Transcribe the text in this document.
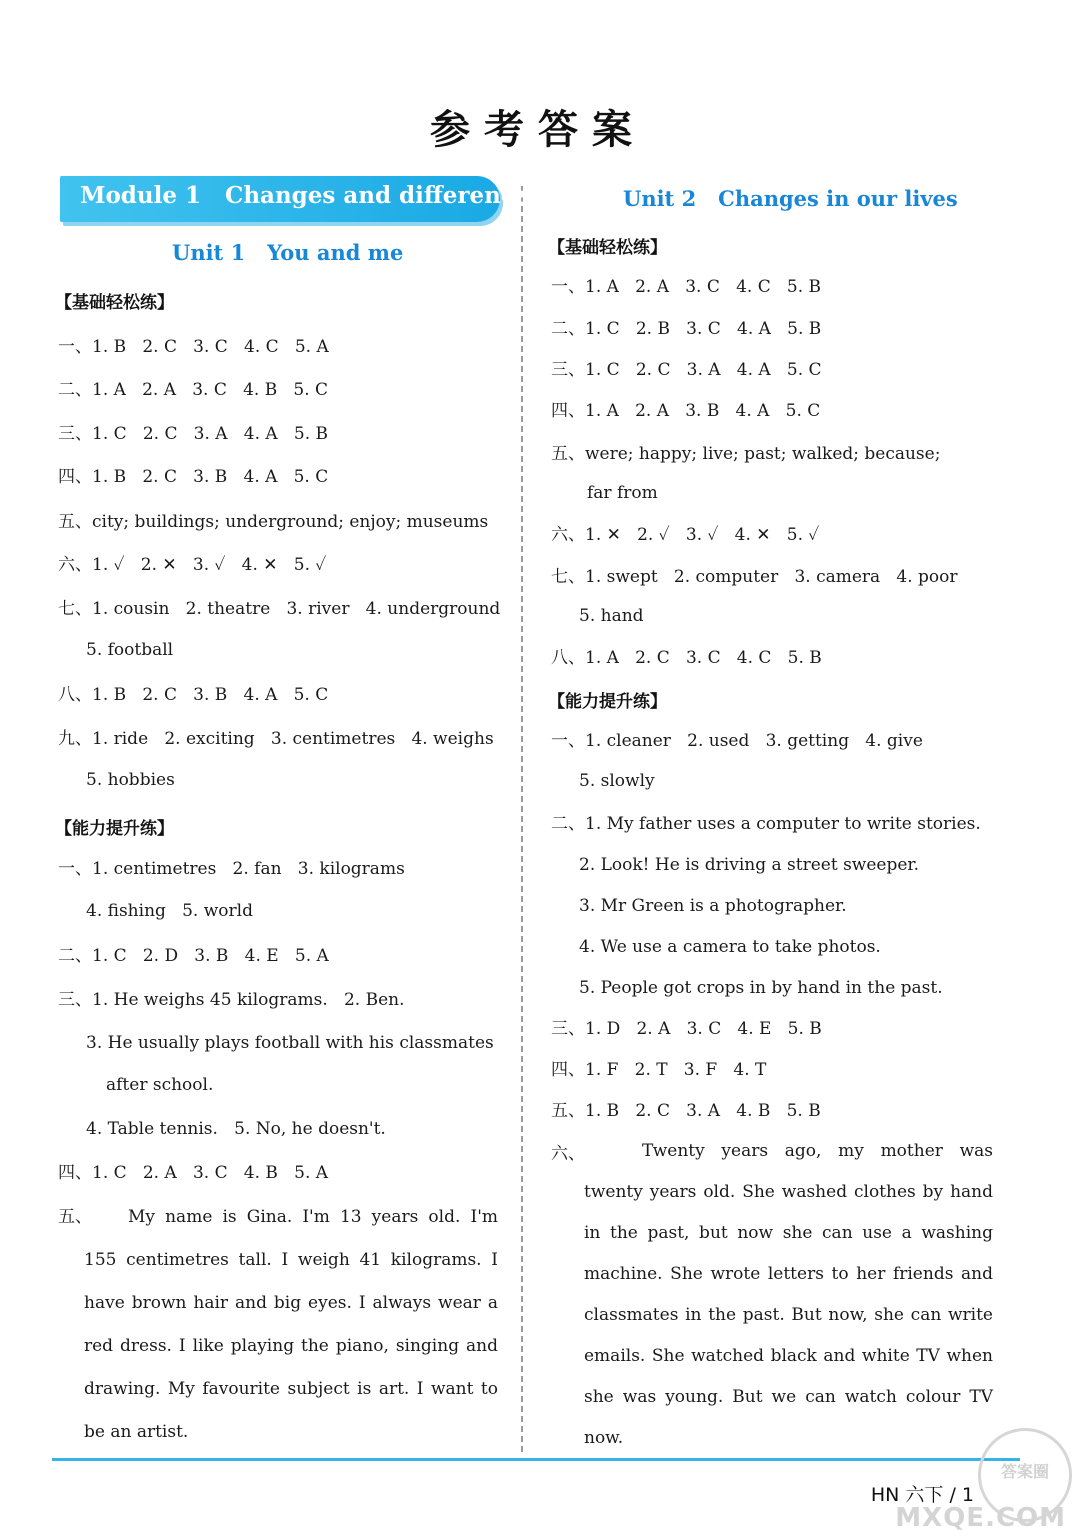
参考答案
Module 1   Changes and differences
Unit 1   You and me
【基础轻松练】
一、1. B   2. C   3. C   4. C   5. A
二、1. A   2. A   3. C   4. B   5. C
三、1. C   2. C   3. A   4. A   5. B
四、1. B   2. C   3. B   4. A   5. C
五、city; buildings; underground; enjoy; museums
六、1. ✓   2. ✕   3. ✓   4. ✕   5. ✓
七、1. cousin   2. theatre   3. river   4. underground
5. football
八、1. B   2. C   3. B   4. A   5. C
九、1. ride   2. exciting   3. centimetres   4. weighs
5. hobbies
【能力提升练】
一、1. centimetres   2. fan   3. kilograms
4. fishing   5. world
二、1. C   2. D   3. B   4. E   5. A
三、1. He weighs 45 kilograms.   2. Ben.
3. He usually plays football with his classmates
after school.
4. Table tennis.   5. No, he doesn't.
四、1. C   2. A   3. C   4. B   5. A
五、	My name is Gina. I'm 13 years old. I'm 155 centimetres tall. I weigh 41 kilograms. I have brown hair and big eyes. I always wear a red dress. I like playing the piano, singing and drawing. My favourite subject is art. I want to be an artist.
Unit 2   Changes in our lives
【基础轻松练】
一、1. A   2. A   3. C   4. C   5. B
二、1. C   2. B   3. C   4. A   5. B
三、1. C   2. C   3. A   4. A   5. C
四、1. A   2. A   3. B   4. A   5. C
五、were; happy; live; past; walked; because;
far from
六、1. ✕   2. ✓   3. ✓   4. ✕   5. ✓
七、1. swept   2. computer   3. camera   4. poor
5. hand
八、1. A   2. C   3. C   4. C   5. B
【能力提升练】
一、1. cleaner   2. used   3. getting   4. give
5. slowly
二、1. My father uses a computer to write stories.
2. Look! He is driving a street sweeper.
3. Mr Green is a photographer.
4. We use a camera to take photos.
5. People got crops in by hand in the past.
三、1. D   2. A   3. C   4. E   5. B
四、1. F   2. T   3. F   4. T
五、1. B   2. C   3. A   4. B   5. B
六、	Twenty years ago, my mother was twenty years old. She washed clothes by hand in the past, but now she can use a washing machine. She wrote letters to her friends and classmates in the past. But now, she can write emails. She watched black and white TV when she was young. But we can watch colour TV now.
HN 六下 / 1
答案圈
MXQE.COM
